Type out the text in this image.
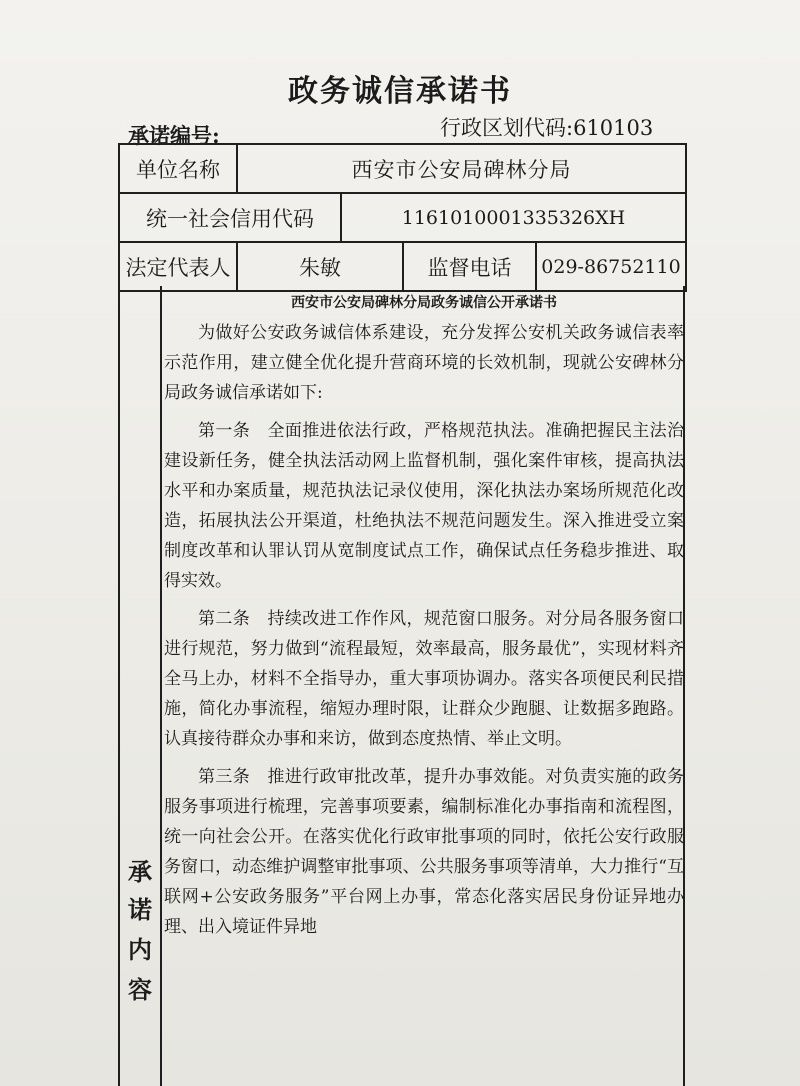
政务诚信承诺书
承诺编号:	行政区划代码:610103
单位名称	西安市公安局碑林分局			
统一社会信用代码		11610100013353​26XH		
法定代表人	朱敏		监督电话	029-86752110
承
诺
内
容

西安市公安局碑林分局政务诚信公开承诺书

为做好公安政务诚信体系建设，充分发挥公安机关政务诚信表率示范作用，建立健全优化提升营商环境的长效机制，现就公安碑林分局政务诚信承诺如下:

第一条　全面推进依法行政，严格规范执法。准确把握民主法治建设新任务，健全执法活动网上监督机制，强化案件审核，提高执法水平和办案质量，规范执法记录仪使用，深化执法办案场所规范化改造，拓展执法公开渠道，杜绝执法不规范问题发生。深入推进受立案制度改革和认罪认罚从宽制度试点工作，确保试点任务稳步推进、取得实效。

第二条　持续改进工作作风，规范窗口服务。对分局各服务窗口进行规范，努力做到“流程最短，效率最高，服务最优”，实现材料齐全马上办，材料不全指导办，重大事项协调办。落实各项便民利民措施，简化办事流程，缩短办理时限，让群众少跑腿、让数据多跑路。认真接待群众办事和来访，做到态度热情、举止文明。

第三条　推进行政审批改革，提升办事效能。对负责实施的政务服务事项进行梳理，完善事项要素，编制标准化办事指南和流程图，统一向社会公开。在落实优化行政审批事项的同时，依托公安行政服务窗口，动态维护调整审批事项、公共服务事项等清单，大力推行“互联网+公安政务服务”平台网上办事，常态化落实居民身份证异地办理、出入境证件异地
